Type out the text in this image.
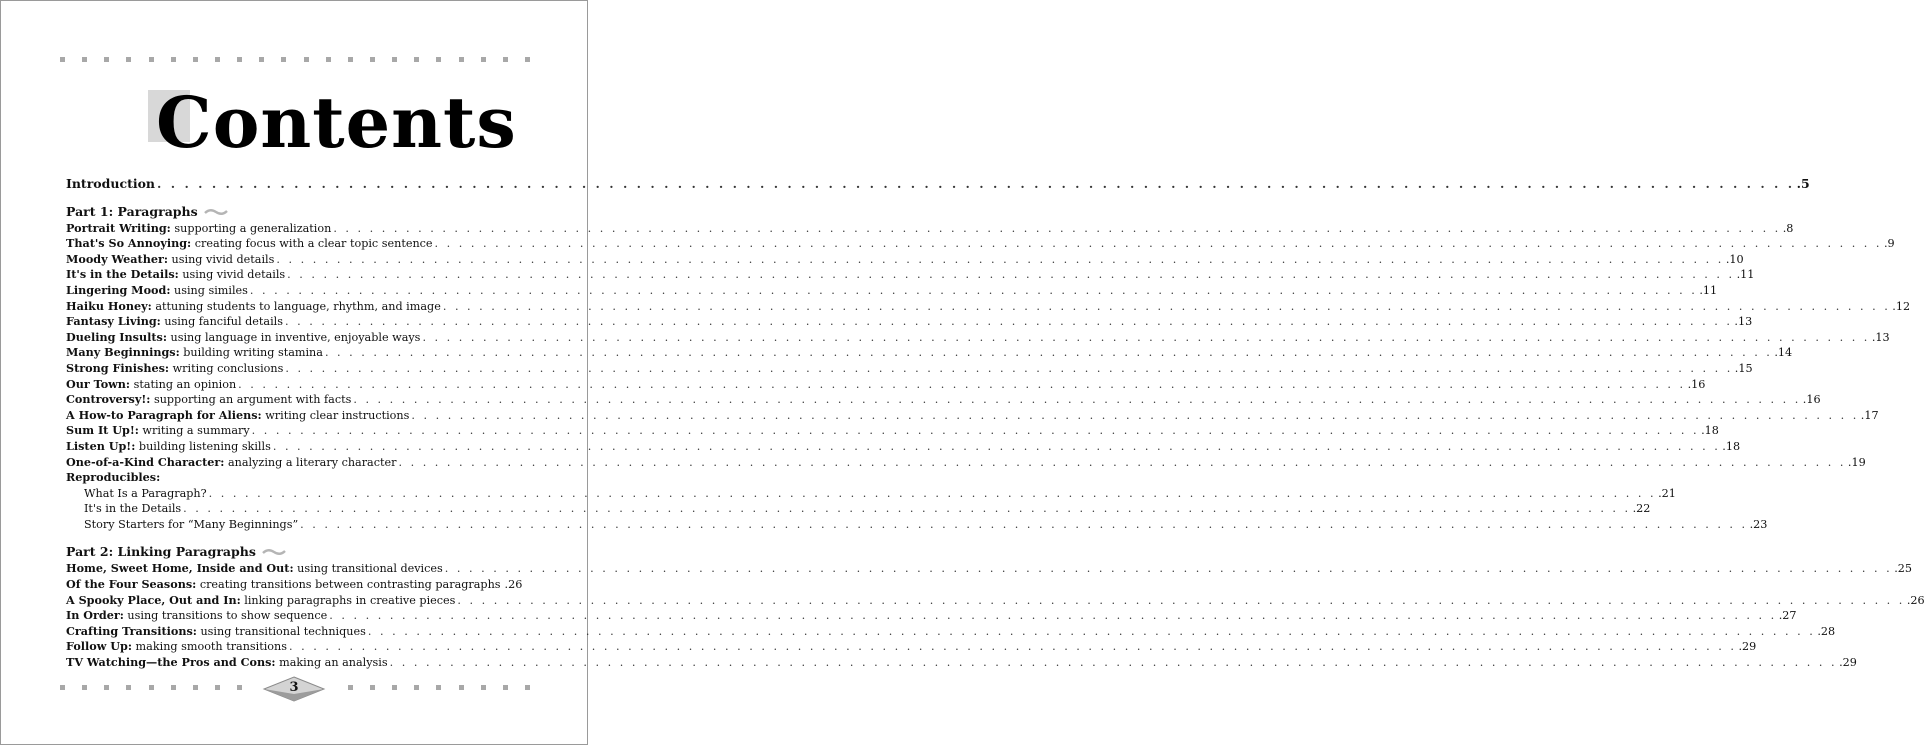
Contents
Introduction . . . . . . . . . . . . . . . . . . . . . . . . . . . . . . . . . . . . . . . . . . . . . . . . . . . . . . . . . . . . . . . . . . . . . . . . . . . . . . . . . . . . . . . . . . . . . . . . . . . . . . . . . . . . . . . . . . . . . . . . .5
Part 1: Paragraphs
Portrait Writing: supporting a generalization . . . . . . . . . . . . . . . . . . . . . . . . . . . . . . . . . . . . . . . . . . . . . . . . . . . . . . . . . . . . . . . . . . . . . . . . . . . . . . . . . . . . . . . . . . . . . . . . . . . . . . . . . . . . . . . . . . . . . . . . .8
That's So Annoying: creating focus with a clear topic sentence . . . . . . . . . . . . . . . . . . . . . . . . . . . . . . . . . . . . . . . . . . . . . . . . . . . . . . . . . . . . . . . . . . . . . . . . . . . . . . . . . . . . . . . . . . . . . . . . . . . . . . . . . . . . . . . . . . . . . . . . .9
Moody Weather: using vivid details . . . . . . . . . . . . . . . . . . . . . . . . . . . . . . . . . . . . . . . . . . . . . . . . . . . . . . . . . . . . . . . . . . . . . . . . . . . . . . . . . . . . . . . . . . . . . . . . . . . . . . . . . . . . . . . . . . . . . . . . .10
It's in the Details: using vivid details . . . . . . . . . . . . . . . . . . . . . . . . . . . . . . . . . . . . . . . . . . . . . . . . . . . . . . . . . . . . . . . . . . . . . . . . . . . . . . . . . . . . . . . . . . . . . . . . . . . . . . . . . . . . . . . . . . . . . . . . .11
Lingering Mood: using similes . . . . . . . . . . . . . . . . . . . . . . . . . . . . . . . . . . . . . . . . . . . . . . . . . . . . . . . . . . . . . . . . . . . . . . . . . . . . . . . . . . . . . . . . . . . . . . . . . . . . . . . . . . . . . . . . . . . . . . . . .11
Haiku Honey: attuning students to language, rhythm, and image . . . . . . . . . . . . . . . . . . . . . . . . . . . . . . . . . . . . . . . . . . . . . . . . . . . . . . . . . . . . . . . . . . . . . . . . . . . . . . . . . . . . . . . . . . . . . . . . . . . . . . . . . . . . . . . . . . . . . . . . .12
Fantasy Living: using fanciful details . . . . . . . . . . . . . . . . . . . . . . . . . . . . . . . . . . . . . . . . . . . . . . . . . . . . . . . . . . . . . . . . . . . . . . . . . . . . . . . . . . . . . . . . . . . . . . . . . . . . . . . . . . . . . . . . . . . . . . . . .13
Dueling Insults: using language in inventive, enjoyable ways . . . . . . . . . . . . . . . . . . . . . . . . . . . . . . . . . . . . . . . . . . . . . . . . . . . . . . . . . . . . . . . . . . . . . . . . . . . . . . . . . . . . . . . . . . . . . . . . . . . . . . . . . . . . . . . . . . . . . . . . .13
Many Beginnings: building writing stamina . . . . . . . . . . . . . . . . . . . . . . . . . . . . . . . . . . . . . . . . . . . . . . . . . . . . . . . . . . . . . . . . . . . . . . . . . . . . . . . . . . . . . . . . . . . . . . . . . . . . . . . . . . . . . . . . . . . . . . . . .14
Strong Finishes: writing conclusions . . . . . . . . . . . . . . . . . . . . . . . . . . . . . . . . . . . . . . . . . . . . . . . . . . . . . . . . . . . . . . . . . . . . . . . . . . . . . . . . . . . . . . . . . . . . . . . . . . . . . . . . . . . . . . . . . . . . . . . . .15
Our Town: stating an opinion . . . . . . . . . . . . . . . . . . . . . . . . . . . . . . . . . . . . . . . . . . . . . . . . . . . . . . . . . . . . . . . . . . . . . . . . . . . . . . . . . . . . . . . . . . . . . . . . . . . . . . . . . . . . . . . . . . . . . . . . .16
Controversy!: supporting an argument with facts . . . . . . . . . . . . . . . . . . . . . . . . . . . . . . . . . . . . . . . . . . . . . . . . . . . . . . . . . . . . . . . . . . . . . . . . . . . . . . . . . . . . . . . . . . . . . . . . . . . . . . . . . . . . . . . . . . . . . . . . .16
A How-to Paragraph for Aliens: writing clear instructions . . . . . . . . . . . . . . . . . . . . . . . . . . . . . . . . . . . . . . . . . . . . . . . . . . . . . . . . . . . . . . . . . . . . . . . . . . . . . . . . . . . . . . . . . . . . . . . . . . . . . . . . . . . . . . . . . . . . . . . . .17
Sum It Up!: writing a summary . . . . . . . . . . . . . . . . . . . . . . . . . . . . . . . . . . . . . . . . . . . . . . . . . . . . . . . . . . . . . . . . . . . . . . . . . . . . . . . . . . . . . . . . . . . . . . . . . . . . . . . . . . . . . . . . . . . . . . . . .18
Listen Up!: building listening skills . . . . . . . . . . . . . . . . . . . . . . . . . . . . . . . . . . . . . . . . . . . . . . . . . . . . . . . . . . . . . . . . . . . . . . . . . . . . . . . . . . . . . . . . . . . . . . . . . . . . . . . . . . . . . . . . . . . . . . . . .18
One-of-a-Kind Character: analyzing a literary character . . . . . . . . . . . . . . . . . . . . . . . . . . . . . . . . . . . . . . . . . . . . . . . . . . . . . . . . . . . . . . . . . . . . . . . . . . . . . . . . . . . . . . . . . . . . . . . . . . . . . . . . . . . . . . . . . . . . . . . . .19
Reproducibles:
What Is a Paragraph? . . . . . . . . . . . . . . . . . . . . . . . . . . . . . . . . . . . . . . . . . . . . . . . . . . . . . . . . . . . . . . . . . . . . . . . . . . . . . . . . . . . . . . . . . . . . . . . . . . . . . . . . . . . . . . . . . . . . . . . . .21
It's in the Details . . . . . . . . . . . . . . . . . . . . . . . . . . . . . . . . . . . . . . . . . . . . . . . . . . . . . . . . . . . . . . . . . . . . . . . . . . . . . . . . . . . . . . . . . . . . . . . . . . . . . . . . . . . . . . . . . . . . . . . . .22
Story Starters for “Many Beginnings” . . . . . . . . . . . . . . . . . . . . . . . . . . . . . . . . . . . . . . . . . . . . . . . . . . . . . . . . . . . . . . . . . . . . . . . . . . . . . . . . . . . . . . . . . . . . . . . . . . . . . . . . . . . . . . . . . . . . . . . . .23
Part 2: Linking Paragraphs
Home, Sweet Home, Inside and Out: using transitional devices . . . . . . . . . . . . . . . . . . . . . . . . . . . . . . . . . . . . . . . . . . . . . . . . . . . . . . . . . . . . . . . . . . . . . . . . . . . . . . . . . . . . . . . . . . . . . . . . . . . . . . . . . . . . . . . . . . . . . . . . .25
Of the Four Seasons: creating transitions between contrasting paragraphs .26
A Spooky Place, Out and In: linking paragraphs in creative pieces . . . . . . . . . . . . . . . . . . . . . . . . . . . . . . . . . . . . . . . . . . . . . . . . . . . . . . . . . . . . . . . . . . . . . . . . . . . . . . . . . . . . . . . . . . . . . . . . . . . . . . . . . . . . . . . . . . . . . . . . .26
In Order: using transitions to show sequence . . . . . . . . . . . . . . . . . . . . . . . . . . . . . . . . . . . . . . . . . . . . . . . . . . . . . . . . . . . . . . . . . . . . . . . . . . . . . . . . . . . . . . . . . . . . . . . . . . . . . . . . . . . . . . . . . . . . . . . . .27
Crafting Transitions: using transitional techniques . . . . . . . . . . . . . . . . . . . . . . . . . . . . . . . . . . . . . . . . . . . . . . . . . . . . . . . . . . . . . . . . . . . . . . . . . . . . . . . . . . . . . . . . . . . . . . . . . . . . . . . . . . . . . . . . . . . . . . . . .28
Follow Up: making smooth transitions . . . . . . . . . . . . . . . . . . . . . . . . . . . . . . . . . . . . . . . . . . . . . . . . . . . . . . . . . . . . . . . . . . . . . . . . . . . . . . . . . . . . . . . . . . . . . . . . . . . . . . . . . . . . . . . . . . . . . . . . .29
TV Watching—the Pros and Cons: making an analysis . . . . . . . . . . . . . . . . . . . . . . . . . . . . . . . . . . . . . . . . . . . . . . . . . . . . . . . . . . . . . . . . . . . . . . . . . . . . . . . . . . . . . . . . . . . . . . . . . . . . . . . . . . . . . . . . . . . . . . . . .29
3
